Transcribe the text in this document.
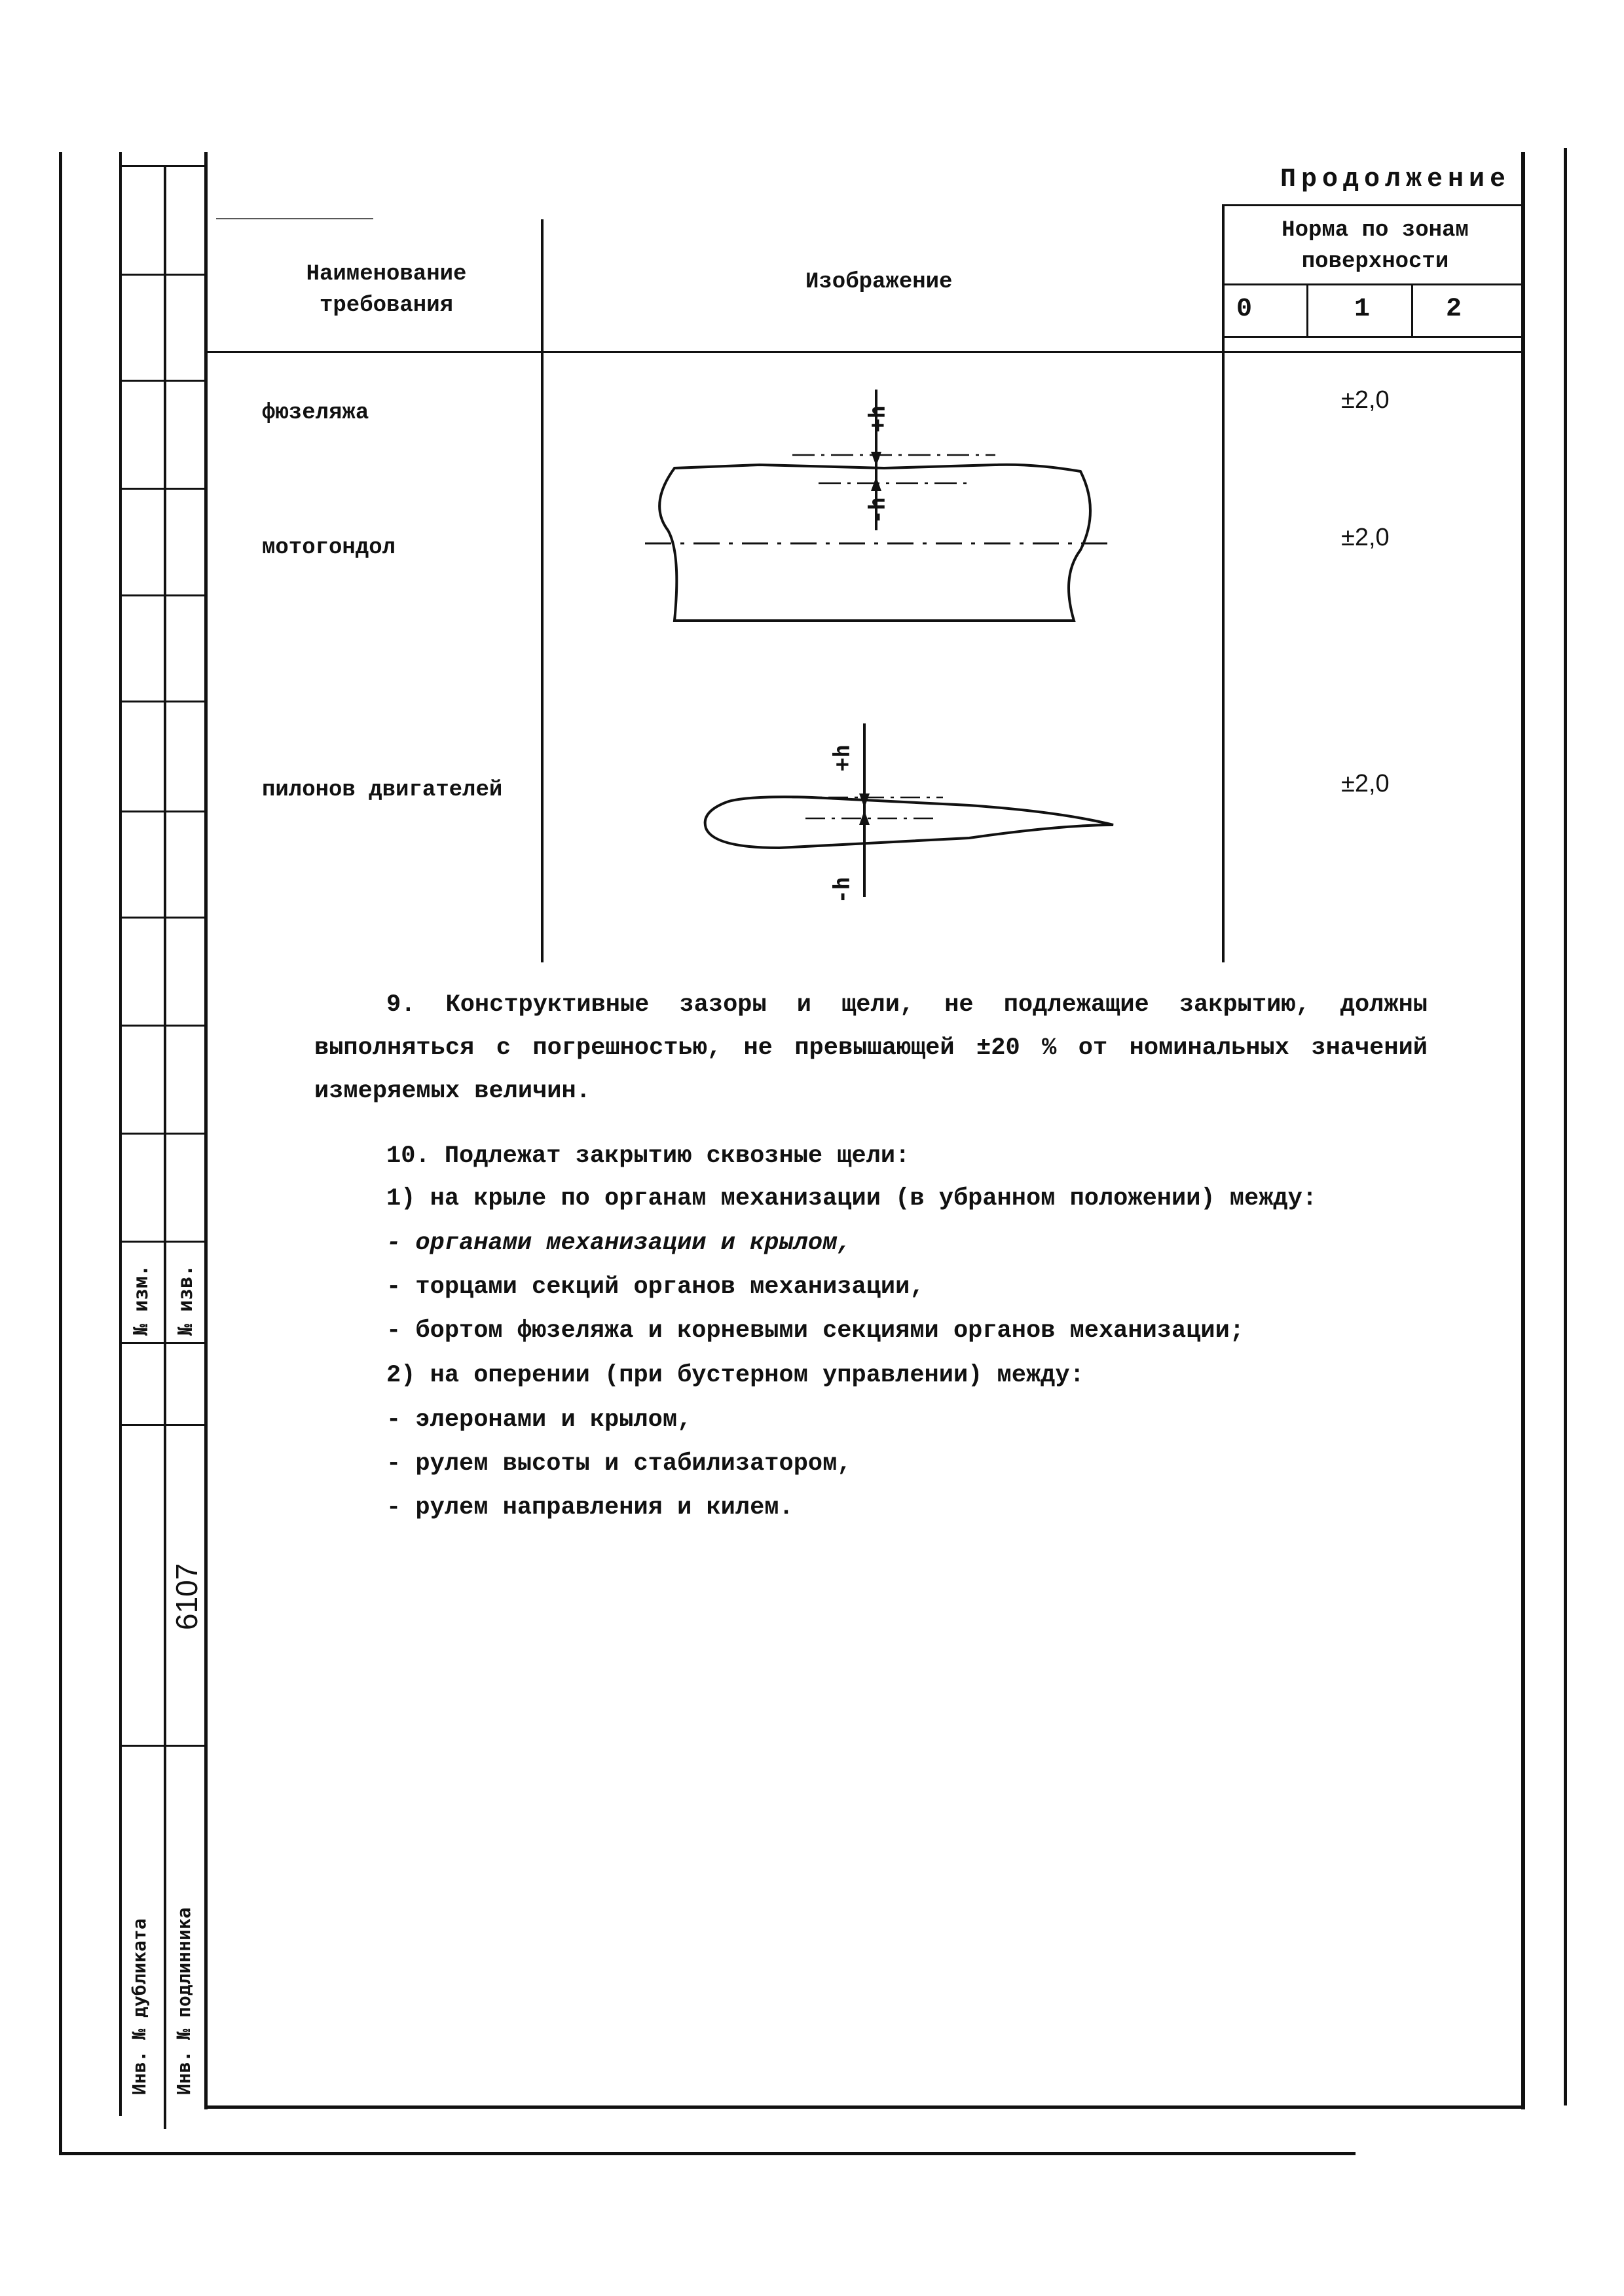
№ изм. № изв.
Инв. № дубликата Инв. № подлинника
6107
Продолжение
Наименование требования
Изображение
Норма по зонам поверхности
0	1	2
фюзеляжа
мотогондол
пилонов двигателей
±2,0
±2,0
±2,0
+h
-h
+h
-h
9. Конструктивные зазоры и щели, не подлежащие закрытию, должны выполняться с погрешностью, не превышающей ±20 % от номинальных значений измеряемых величин.
10. Подлежат закрытию сквозные щели:
1) на крыле по органам механизации (в убранном положении) между:
- органами механизации и крылом,
- торцами секций органов механизации,
- бортом фюзеляжа и корневыми секциями органов механизации;
2) на оперении (при бустерном управлении) между:
- элеронами и крылом,
- рулем высоты и стабилизатором,
- рулем направления и килем.
